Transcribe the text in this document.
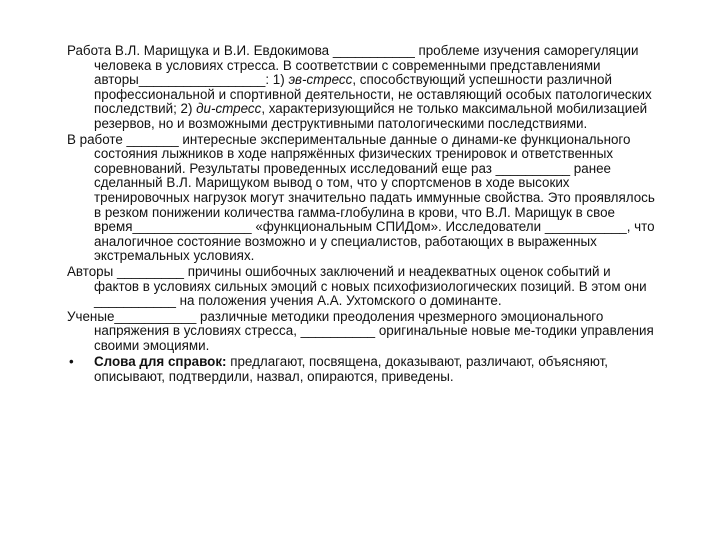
Работа В.Л. Марищука и В.И. Евдокимова ___________ проблеме изучения саморегуляции человека в условиях стресса. В соответствии с современными представлениями авторы_________________: 1) эв-стресс, способствующий успешности различной профессиональной и спортивной деятельности, не оставляющий особых патологических последствий; 2) ди-стресс, характеризующийся не только максимальной мобилизацией резервов, но и возможными деструктивными патологическими последствиями.

В работе _______ интересные экспериментальные данные о динами-ке функционального состояния лыжников в ходе напряжённых физических тренировок и ответственных соревнований. Результаты проведенных исследований еще раз __________ ранее сделанный В.Л. Марищуком вывод о том, что у спортсменов в ходе высоких тренировочных нагрузок могут значительно падать иммунные свойства. Это проявлялось в резком понижении количества гамма-глобулина в крови, что В.Л. Марищук в свое время________________ «функциональным СПИДом». Исследователи ___________, что аналогичное состояние возможно и у специалистов, работающих в выраженных экстремальных условиях.

Авторы _________ причины ошибочных заключений и неадекватных оценок событий и фактов в условиях сильных эмоций с новых психофизиологических позиций. В этом они ___________ на положения учения А.А. Ухтомского о доминанте.

Ученые___________ различные методики преодоления чрезмерного эмоционального напряжения в условиях стресса, __________ оригинальные новые ме-тодики управления своими эмоциями.

• Слова для справок: предлагают, посвящена, доказывают, различают, объясняют, описывают, подтвердили, назвал, опираются, приведены.
